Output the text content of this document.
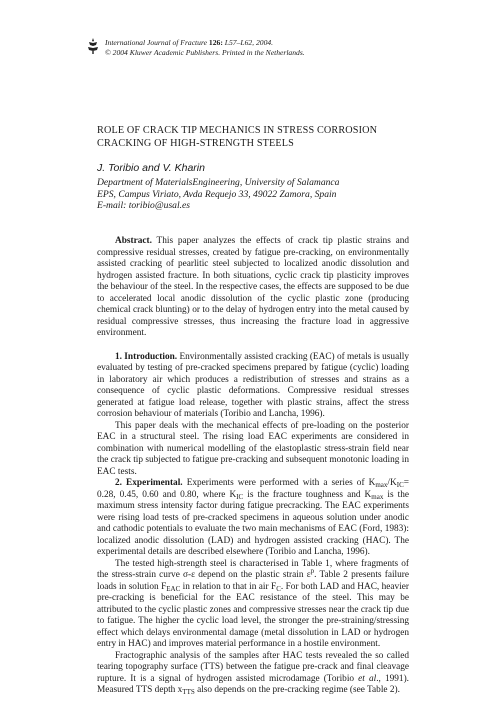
International Journal of Fracture 126: L57–L62, 2004.
© 2004 Kluwer Academic Publishers. Printed in the Netherlands.
ROLE OF CRACK TIP MECHANICS IN STRESS CORROSION CRACKING OF HIGH-STRENGTH STEELS
J. Toribio and V. Kharin
Department of MaterialsEngineering, University of Salamanca
EPS, Campus Viriato, Avda Requejo 33, 49022 Zamora, Spain
E-mail: toribio@usal.es

Abstract. This paper analyzes the effects of crack tip plastic strains and compressive residual stresses, created by fatigue pre-cracking, on environmentally assisted cracking of pearlitic steel subjected to localized anodic dissolution and hydrogen assisted fracture. In both situations, cyclic crack tip plasticity improves the behaviour of the steel. In the respective cases, the effects are supposed to be due to accelerated local anodic dissolution of the cyclic plastic zone (producing chemical crack blunting) or to the delay of hydrogen entry into the metal caused by residual compressive stresses, thus increasing the fracture load in aggressive environment.

1. Introduction. Environmentally assisted cracking (EAC) of metals is usually evaluated by testing of pre-cracked specimens prepared by fatigue (cyclic) loading in laboratory air which produces a redistribution of stresses and strains as a consequence of cyclic plastic deformations. Compressive residual stresses generated at fatigue load release, together with plastic strains, affect the stress corrosion behaviour of materials (Toribio and Lancha, 1996).

This paper deals with the mechanical effects of pre-loading on the posterior EAC in a structural steel. The rising load EAC experiments are considered in combination with numerical modelling of the elastoplastic stress-strain field near the crack tip subjected to fatigue pre-cracking and subsequent monotonic loading in EAC tests.

2. Experimental. Experiments were performed with a series of $K_{max}/K_{IC}= 0.28$, 0.45, 0.60 and 0.80, where $K_{IC}$ is the fracture toughness and $K_{max}$ is the maximum stress intensity factor during fatigue precracking. The EAC experiments were rising load tests of pre-cracked specimens in aqueous solution under anodic and cathodic potentials to evaluate the two main mechanisms of EAC (Ford, 1983): localized anodic dissolution (LAD) and hydrogen assisted cracking (HAC). The experimental details are described elsewhere (Toribio and Lancha, 1996).

The tested high-strength steel is characterised in Table 1, where fragments of the stress-strain curve σ-ε depend on the plastic strain $\varepsilon^p$. Table 2 presents failure loads in solution $F_{EAC}$ in relation to that in air $F_C$. For both LAD and HAC, heavier pre-cracking is beneficial for the EAC resistance of the steel. This may be attributed to the cyclic plastic zones and compressive stresses near the crack tip due to fatigue. The higher the cyclic load level, the stronger the pre-straining/stressing effect which delays environmental damage (metal dissolution in LAD or hydrogen entry in HAC) and improves material performance in a hostile environment.

Fractographic analysis of the samples after HAC tests revealed the so called tearing topography surface (TTS) between the fatigue pre-crack and final cleavage rupture. It is a signal of hydrogen assisted microdamage (Toribio et al., 1991). Measured TTS depth $x_{TTS}$ also depends on the pre-cracking regime (see Table 2).
